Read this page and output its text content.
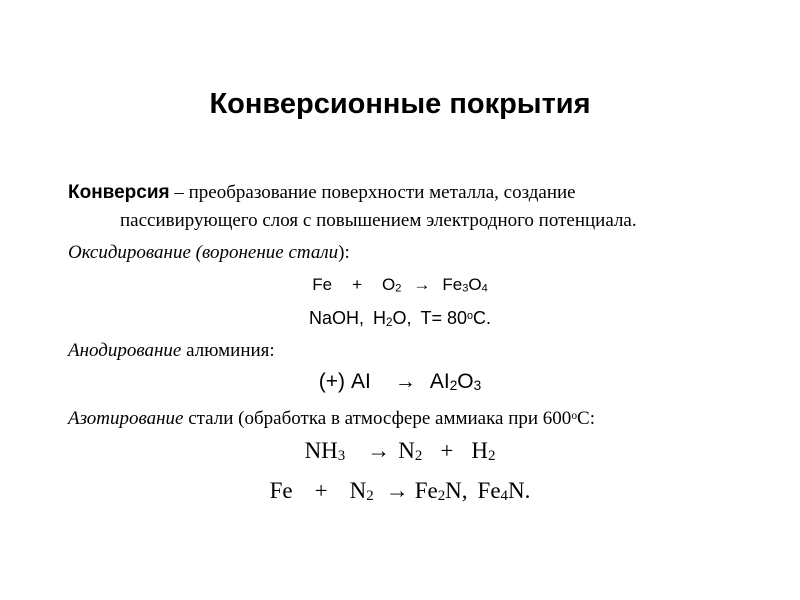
Конверсионные покрытия
Конверсия – преобразование поверхности металла, создание
пассивирующего слоя с повышением электродного потенциала.
Оксидирование (воронение стали):
Fe + O2 → Fe3O4
NaOH, H2O, $T= 80^oC$.
Анодирование алюминия:
(+) AI → AI2O3
Азотирование стали (обработка в атмосфере аммиака при 600$^o$C:
NH3 → N2 + H2
Fe + N2 → Fe2N, Fe4N.
